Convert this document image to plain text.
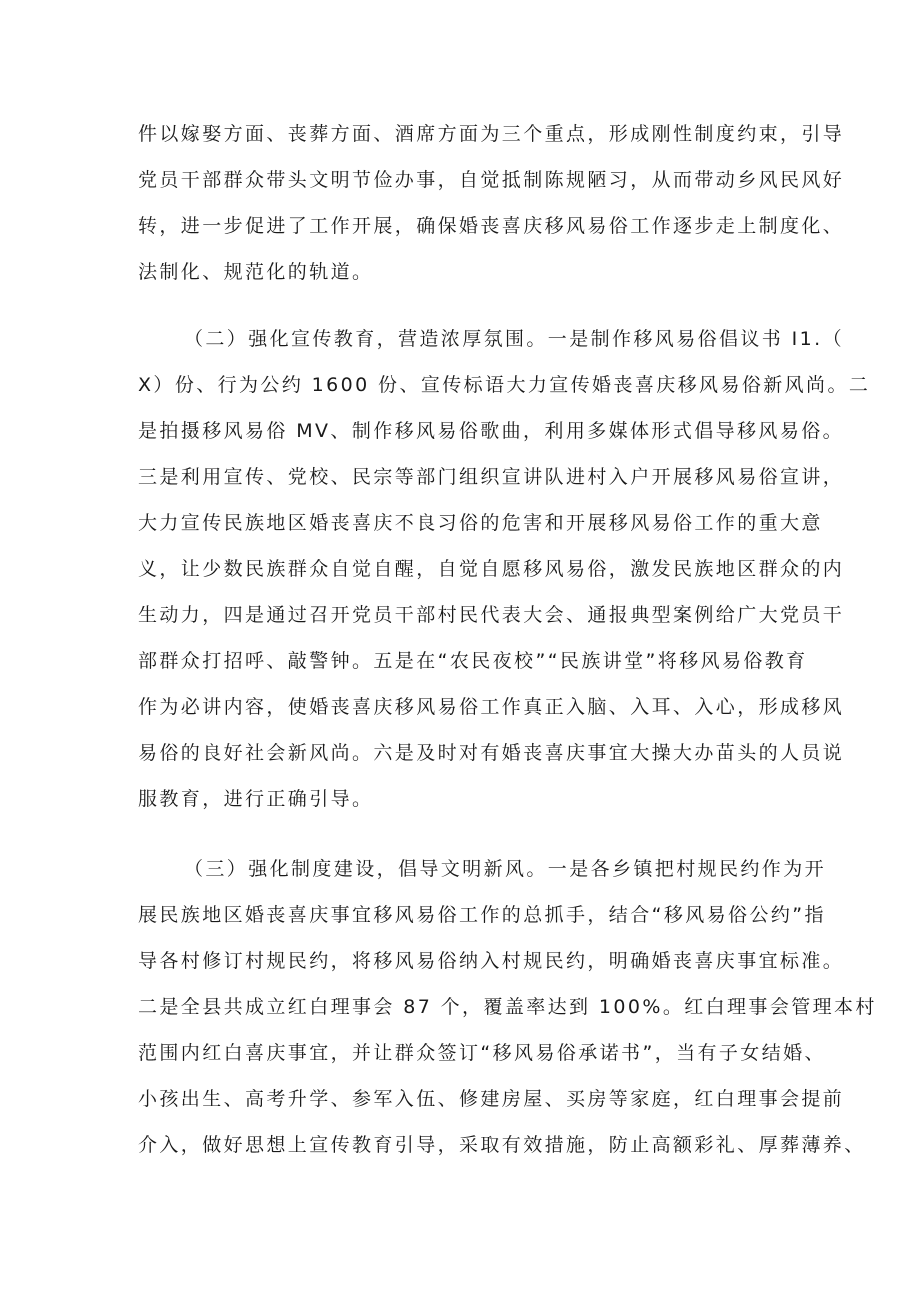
件以嫁娶方面、丧葬方面、酒席方面为三个重点，形成刚性制度约束，引导
党员干部群众带头文明节俭办事，自觉抵制陈规陋习，从而带动乡风民风好
转，进一步促进了工作开展，确保婚丧喜庆移风易俗工作逐步走上制度化、
法制化、规范化的轨道。
（二）强化宣传教育，营造浓厚氛围。一是制作移风易俗倡议书 I1.（
X）份、行为公约 1600 份、宣传标语大力宣传婚丧喜庆移风易俗新风尚。二
是拍摄移风易俗 MV、制作移风易俗歌曲，利用多媒体形式倡导移风易俗。
三是利用宣传、党校、民宗等部门组织宣讲队进村入户开展移风易俗宣讲，
大力宣传民族地区婚丧喜庆不良习俗的危害和开展移风易俗工作的重大意
义，让少数民族群众自觉自醒，自觉自愿移风易俗，激发民族地区群众的内
生动力，四是通过召开党员干部村民代表大会、通报典型案例给广大党员干
部群众打招呼、敲警钟。五是在“农民夜校”“民族讲堂”将移风易俗教育
作为必讲内容，使婚丧喜庆移风易俗工作真正入脑、入耳、入心，形成移风
易俗的良好社会新风尚。六是及时对有婚丧喜庆事宜大操大办苗头的人员说
服教育，进行正确引导。
（三）强化制度建设，倡导文明新风。一是各乡镇把村规民约作为开
展民族地区婚丧喜庆事宜移风易俗工作的总抓手，结合“移风易俗公约”指
导各村修订村规民约，将移风易俗纳入村规民约，明确婚丧喜庆事宜标准。
二是全县共成立红白理事会 87 个，覆盖率达到 100%。红白理事会管理本村
范围内红白喜庆事宜，并让群众签订“移风易俗承诺书”，当有子女结婚、
小孩出生、高考升学、参军入伍、修建房屋、买房等家庭，红白理事会提前
介入，做好思想上宣传教育引导，采取有效措施，防止高额彩礼、厚葬薄养、
